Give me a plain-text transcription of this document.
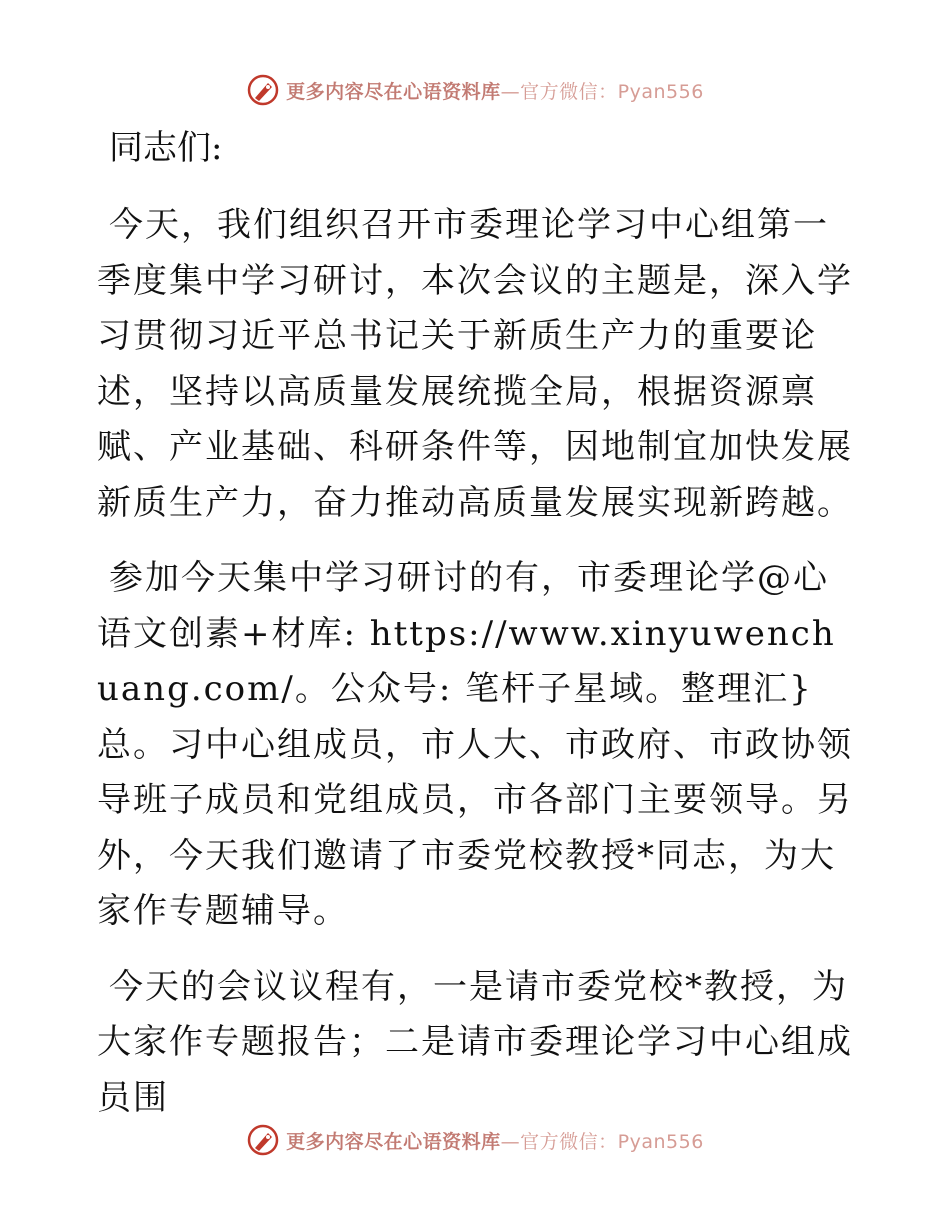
更多内容尽在心语资料库—官方微信：Pyan556
同志们:

今天，我们组织召开市委理论学习中心组第一季度集中学习研讨，本次会议的主题是，深入学习贯彻习近平总书记关于新质生产力的重要论述，坚持以高质量发展统揽全局，根据资源禀赋、产业基础、科研条件等，因地制宜加快发展新质生产力，奋力推动高质量发展实现新跨越。

参加今天集中学习研讨的有，市委理论学@心语文创素+材库: https://www.xinyuwenchuang.com/。公众号: 笔杆子星域。整理汇}总。习中心组成员，市人大、市政府、市政协领导班子成员和党组成员，市各部门主要领导。另外，今天我们邀请了市委党校教授*同志，为大家作专题辅导。

今天的会议议程有，一是请市委党校*教授，为大家作专题报告；二是请市委理论学习中心组成员围

更多内容尽在心语资料库—官方微信：Pyan556
